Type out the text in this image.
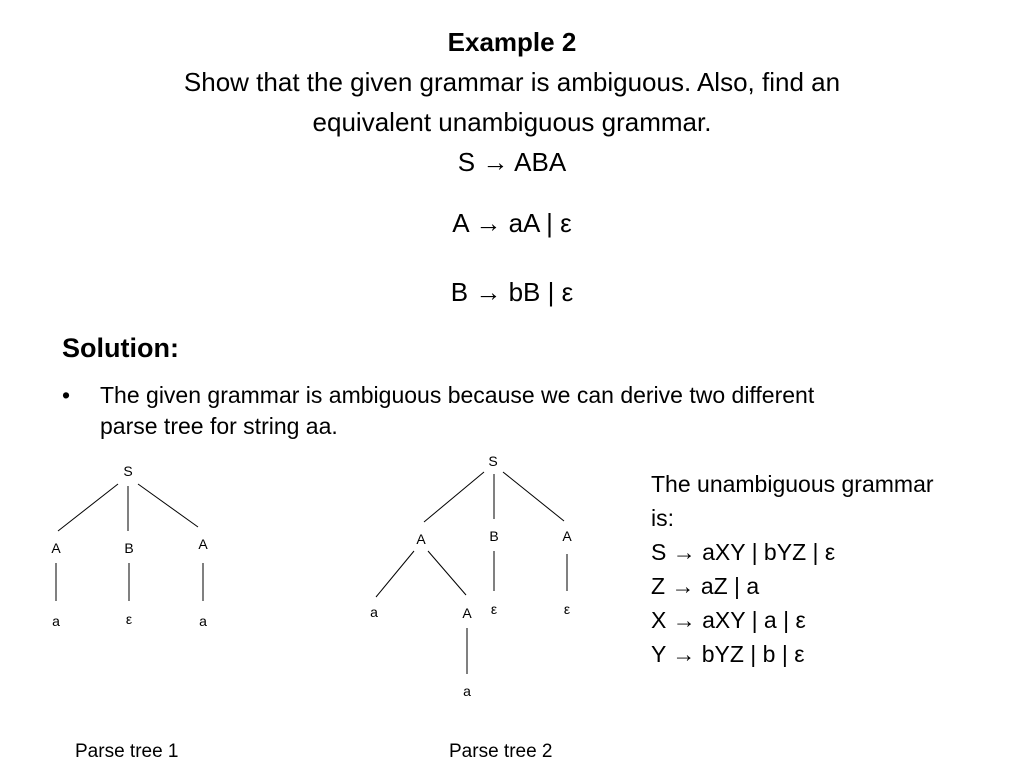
Example 2
Show that the given grammar is ambiguous. Also, find an
equivalent unambiguous grammar.
S → ABA
A → aA | ε
B → bB | ε
Solution:
• The given grammar is ambiguous because we can derive two different
parse tree for string aa.
S
A	B	A
a	ε	a
S
A	B	A
a	A
a
ε	ε
Parse tree 1	Parse tree 2
The unambiguous grammar
is:
S → aXY | bYZ | ε
Z → aZ | a
X → aXY | a | ε
Y → bYZ | b | ε
